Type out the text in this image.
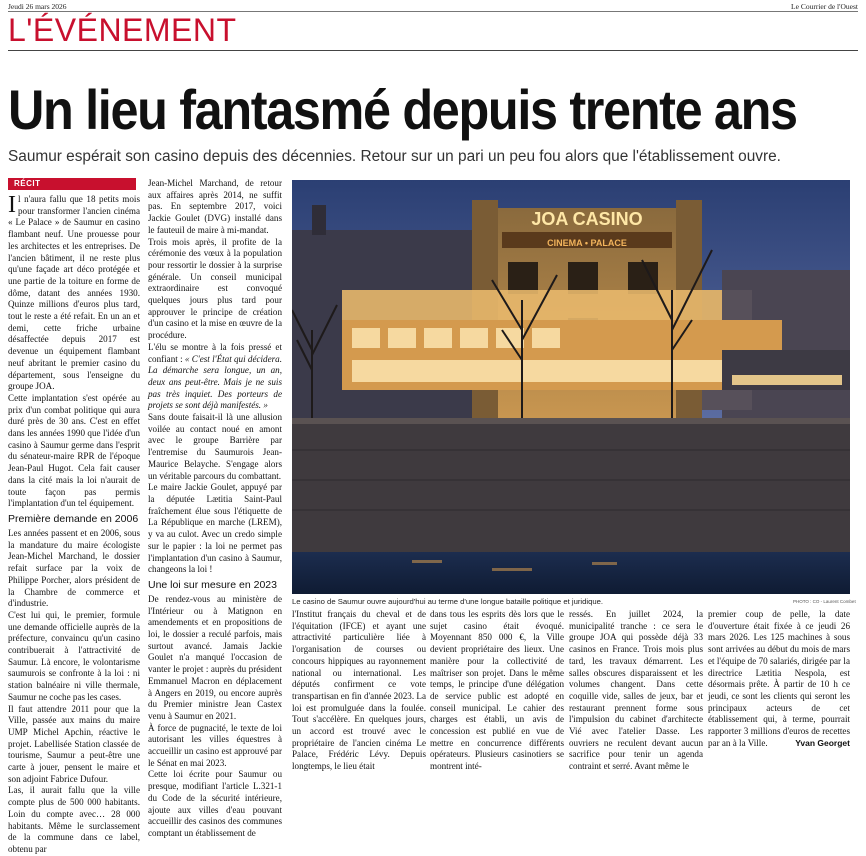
Jeudi 26 mars 2026	Le Courrier de l'Ouest
L'ÉVÉNEMENT
Un lieu fantasmé depuis trente ans
Saumur espérait son casino depuis des décennies. Retour sur un pari un peu fou alors que l'établissement ouvre.
RÉCIT

Il n'aura fallu que 18 petits mois pour transformer l'ancien cinéma « Le Palace » de Saumur en casino flambant neuf. Une prouesse pour les architectes et les entreprises. De l'ancien bâtiment, il ne reste plus qu'une façade art déco protégée et une partie de la toiture en forme de dôme, datant des années 1930. Quinze millions d'euros plus tard, tout le reste a été refait. En un an et demi, cette friche urbaine désaffectée depuis 2017 est devenue un équipement flambant neuf abritant le premier casino du département, sous l'enseigne du groupe JOA.

Cette implantation s'est opérée au prix d'un combat politique qui aura duré près de 30 ans. C'est en effet dans les années 1990 que l'idée d'un casino à Saumur germe dans l'esprit du sénateur-maire RPR de l'époque Jean-Paul Hugot. Cela fait causer dans la cité mais la loi n'aurait de toute façon pas permis l'implantation d'un tel équipement.

Première demande en 2006

Les années passent et en 2006, sous la mandature du maire écologiste Jean-Michel Marchand, le dossier refait surface par la voix de Philippe Porcher, alors président de la Chambre de commerce et d'industrie.

C'est lui qui, le premier, formule une demande officielle auprès de la préfecture, convaincu qu'un casino contribuerait à l'attractivité de Saumur. Là encore, le volontarisme saumurois se confronte à la loi : ni station balnéaire ni ville thermale, Saumur ne coche pas les cases.

Il faut attendre 2011 pour que la Ville, passée aux mains du maire UMP Michel Apchin, réactive le projet. Labellisée Station classée de tourisme, Saumur a peut-être une carte à jouer, pensent le maire et son adjoint Fabrice Dufour.

Las, il aurait fallu que la ville compte plus de 500 000 habitants. Loin du compte avec… 28 000 habitants. Même le surclassement de la commune dans ce label, obtenu par

Jean-Michel Marchand, de retour aux affaires après 2014, ne suffit pas. En septembre 2017, voici Jackie Goulet (DVG) installé dans le fauteuil de maire à mi-mandat.

Trois mois après, il profite de la cérémonie des vœux à la population pour ressortir le dossier à la surprise générale. Un conseil municipal extraordinaire est convoqué quelques jours plus tard pour approuver le principe de création d'un casino et la mise en œuvre de la procédure.

L'élu se montre à la fois pressé et confiant : « C'est l'État qui décidera. La démarche sera longue, un an, deux ans peut-être. Mais je ne suis pas très inquiet. Des porteurs de projets se sont déjà manifestés. »

Sans doute faisait-il là une allusion voilée au contact noué en amont avec le groupe Barrière par l'entremise du Saumurois Jean-Maurice Belayche. S'engage alors un véritable parcours du combattant.

Le maire Jackie Goulet, appuyé par la députée Lætitia Saint-Paul fraîchement élue sous l'étiquette de La République en marche (LREM), y va au culot. Avec un credo simple sur le papier : la loi ne permet pas l'implantation d'un casino à Saumur, changeons la loi !

Une loi sur mesure en 2023

De rendez-vous au ministère de l'Intérieur ou à Matignon en amendements et en propositions de loi, le dossier a reculé parfois, mais surtout avancé. Jamais Jackie Goulet n'a manqué l'occasion de vanter le projet : auprès du président Emmanuel Macron en déplacement à Angers en 2019, ou encore auprès du Premier ministre Jean Castex venu à Saumur en 2021.

À force de pugnacité, le texte de loi autorisant les villes équestres à accueillir un casino est approuvé par le Sénat en mai 2023.

Cette loi écrite pour Saumur ou presque, modifiant l'article L.321-1 du Code de la sécurité intérieure, ajoute aux villes d'eau pouvant accueillir des casinos des communes comptant un établissement de

JOA CASINO
CINEMA • PALACE
Le casino de Saumur ouvre aujourd'hui au terme d'une longue bataille politique et juridique.	PHOTO : CO - Laurent Combet
l'Institut français du cheval et de l'équitation (IFCE) et ayant une attractivité particulière liée à l'organisation de courses ou concours hippiques au rayonnement national ou international. Les députés confirment ce vote transpartisan en fin d'année 2023. La loi est promulguée dans la foulée. Tout s'accélère. En quelques jours, un accord est trouvé avec le propriétaire de l'ancien cinéma Le Palace, Frédéric Lévy. Depuis longtemps, le lieu était
dans tous les esprits dès lors que le sujet casino était évoqué. Moyennant 850 000 €, la Ville devient propriétaire des lieux. Une manière pour la collectivité de maîtriser son projet. Dans le même temps, le principe d'une délégation de service public est adopté en conseil municipal. Le cahier des charges est établi, un avis de concession est publié en vue de mettre en concurrence différents opérateurs. Plusieurs casinotiers se montrent inté-
ressés. En juillet 2024, la municipalité tranche : ce sera le groupe JOA qui possède déjà 33 casinos en France. Trois mois plus tard, les travaux démarrent. Les salles obscures disparaissent et les volumes changent. Dans cette coquille vide, salles de jeux, bar et restaurant prennent forme sous l'impulsion du cabinet d'architecte Vié avec l'atelier Dasse. Les ouvriers ne reculent devant aucun sacrifice pour tenir un agenda contraint et serré. Avant même le
premier coup de pelle, la date d'ouverture était fixée à ce jeudi 26 mars 2026. Les 125 machines à sous sont arrivées au début du mois de mars et l'équipe de 70 salariés, dirigée par la directrice Lætitia Nespola, est désormais prête. À partir de 10 h ce jeudi, ce sont les clients qui seront les principaux acteurs de cet établissement qui, à terme, pourrait rapporter 3 millions d'euros de recettes par an à la Ville.	Yvan Georget
